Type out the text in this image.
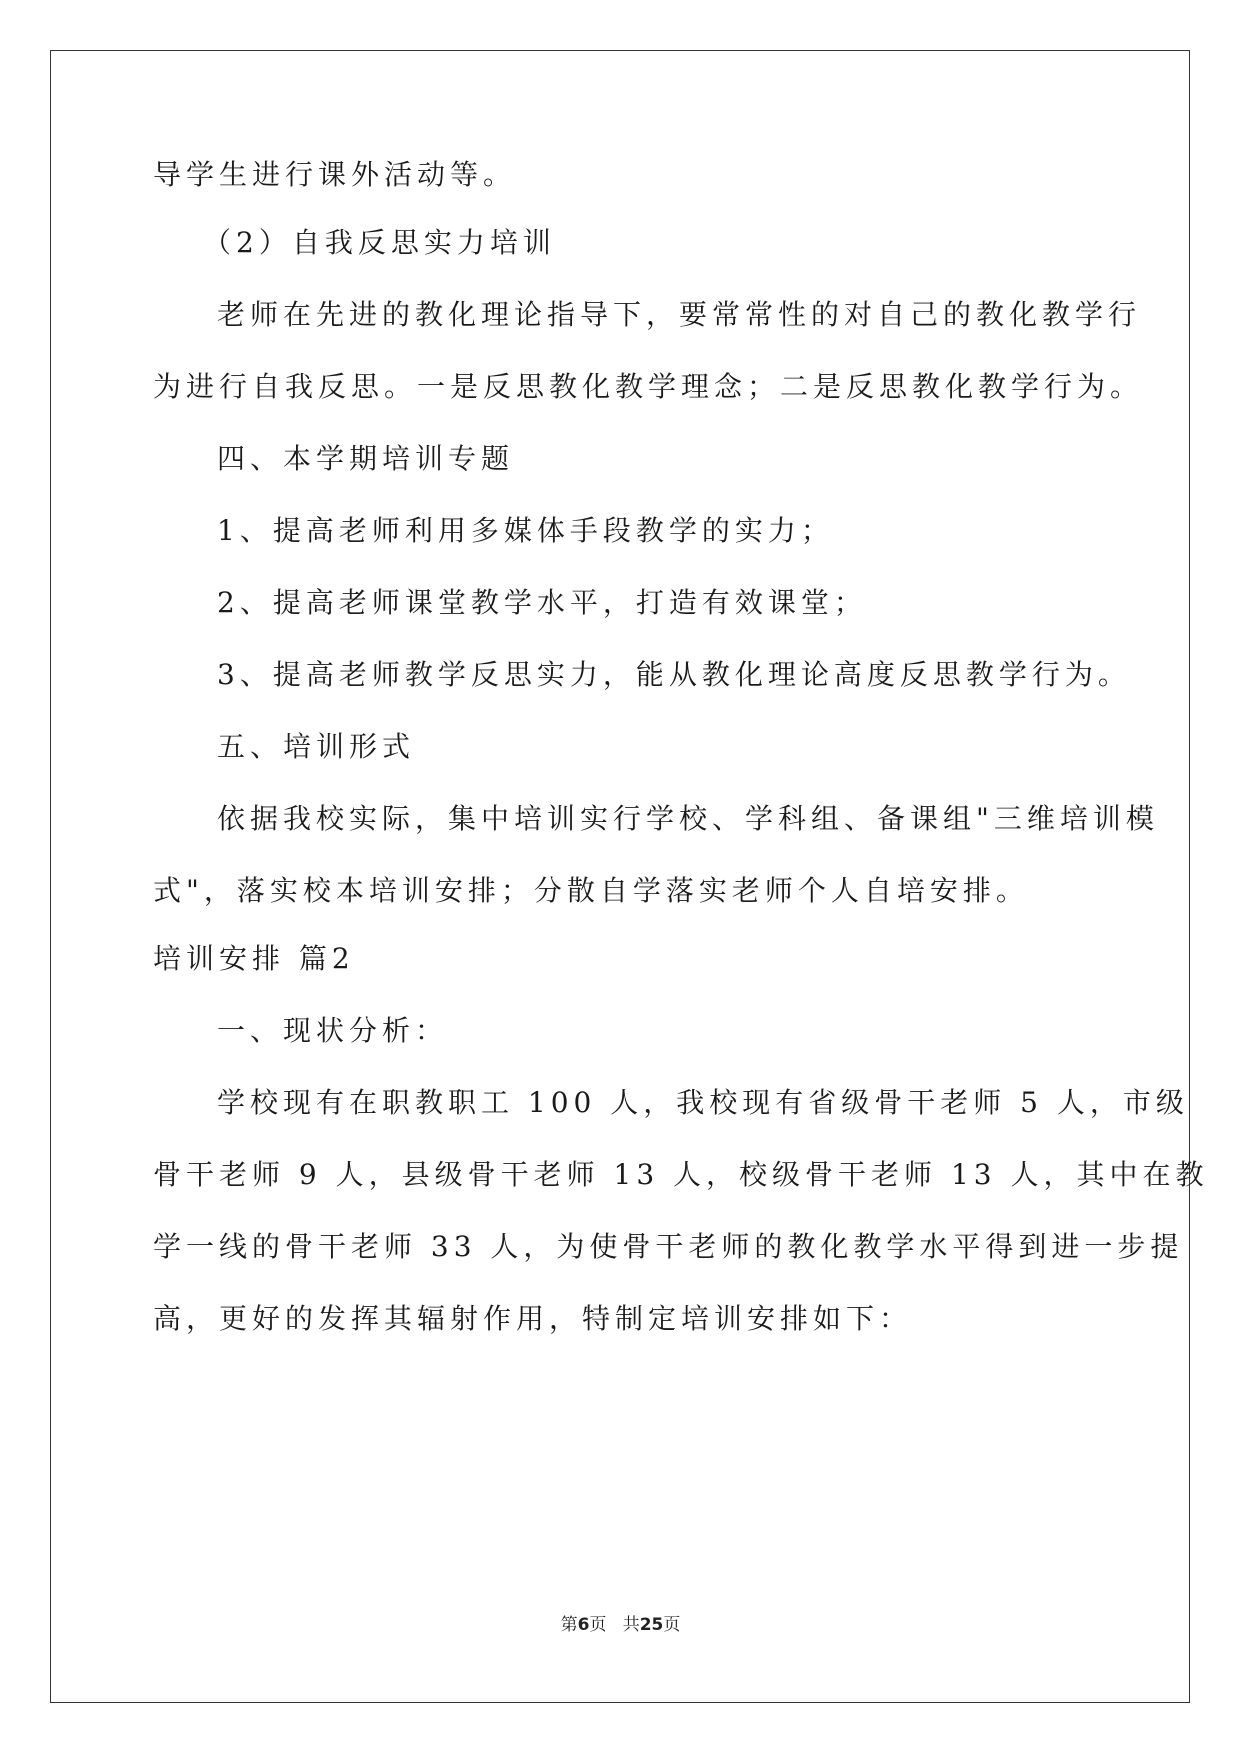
导学生进行课外活动等。
（2）自我反思实力培训
老师在先进的教化理论指导下，要常常性的对自己的教化教学行
为进行自我反思。一是反思教化教学理念；二是反思教化教学行为。
四、本学期培训专题
1、提高老师利用多媒体手段教学的实力；
2、提高老师课堂教学水平，打造有效课堂；
3、提高老师教学反思实力，能从教化理论高度反思教学行为。
五、培训形式
依据我校实际，集中培训实行学校、学科组、备课组"三维培训模
式"，落实校本培训安排；分散自学落实老师个人自培安排。
培训安排 篇2
一、现状分析：
学校现有在职教职工 100 人，我校现有省级骨干老师 5 人，市级
骨干老师 9 人，县级骨干老师 13 人，校级骨干老师 13 人，其中在教
学一线的骨干老师 33 人，为使骨干老师的教化教学水平得到进一步提
高，更好的发挥其辐射作用，特制定培训安排如下：
第6页 共25页
